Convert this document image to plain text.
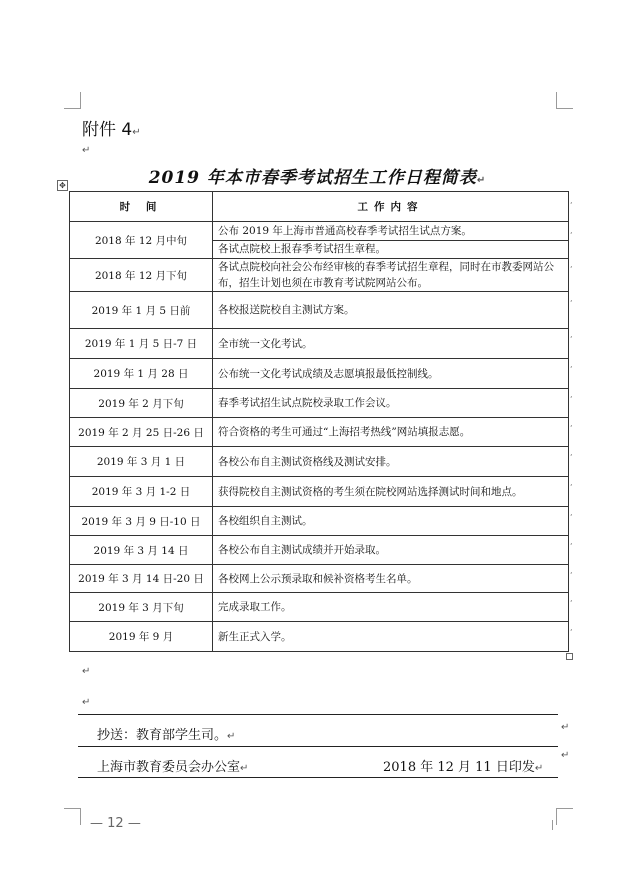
附件 4↵
↵
2019 年本市春季考试招生工作日程简表↵
✥
时 间	工作内容
2018 年 12 月中旬	公布 2019 年上海市普通高校春季考试招生试点方案。
	各试点院校上报春季考试招生章程。
2018 年 12 月下旬	各试点院校向社会公布经审核的春季考试招生章程，同时在市教委网站公布，招生计划也须在市教育考试院网站公布。
2019 年 1 月 5 日前	各校报送院校自主测试方案。
2019 年 1 月 5 日-7 日	全市统一文化考试。
2019 年 1 月 28 日	公布统一文化考试成绩及志愿填报最低控制线。
2019 年 2 月下旬	春季考试招生试点院校录取工作会议。
2019 年 2 月 25 日-26 日	符合资格的考生可通过“上海招考热线”网站填报志愿。
2019 年 3 月 1 日	各校公布自主测试资格线及测试安排。
2019 年 3 月 1-2 日	获得院校自主测试资格的考生须在院校网站选择测试时间和地点。
2019 年 3 月 9 日-10 日	各校组织自主测试。
2019 年 3 月 14 日	各校公布自主测试成绩并开始录取。
2019 年 3 月 14 日-20 日	各校网上公示预录取和候补资格考生名单。
2019 年 3 月下旬	完成录取工作。
2019 年 9 月	新生正式入学。
,
,
,
,
,
,
,
,
,
,
,
,
,
,
,
↵
↵
抄送：教育部学生司。↵
↵
上海市教育委员会办公室↵	2018 年 12 月 11 日印发↵
↵
— 12 —
